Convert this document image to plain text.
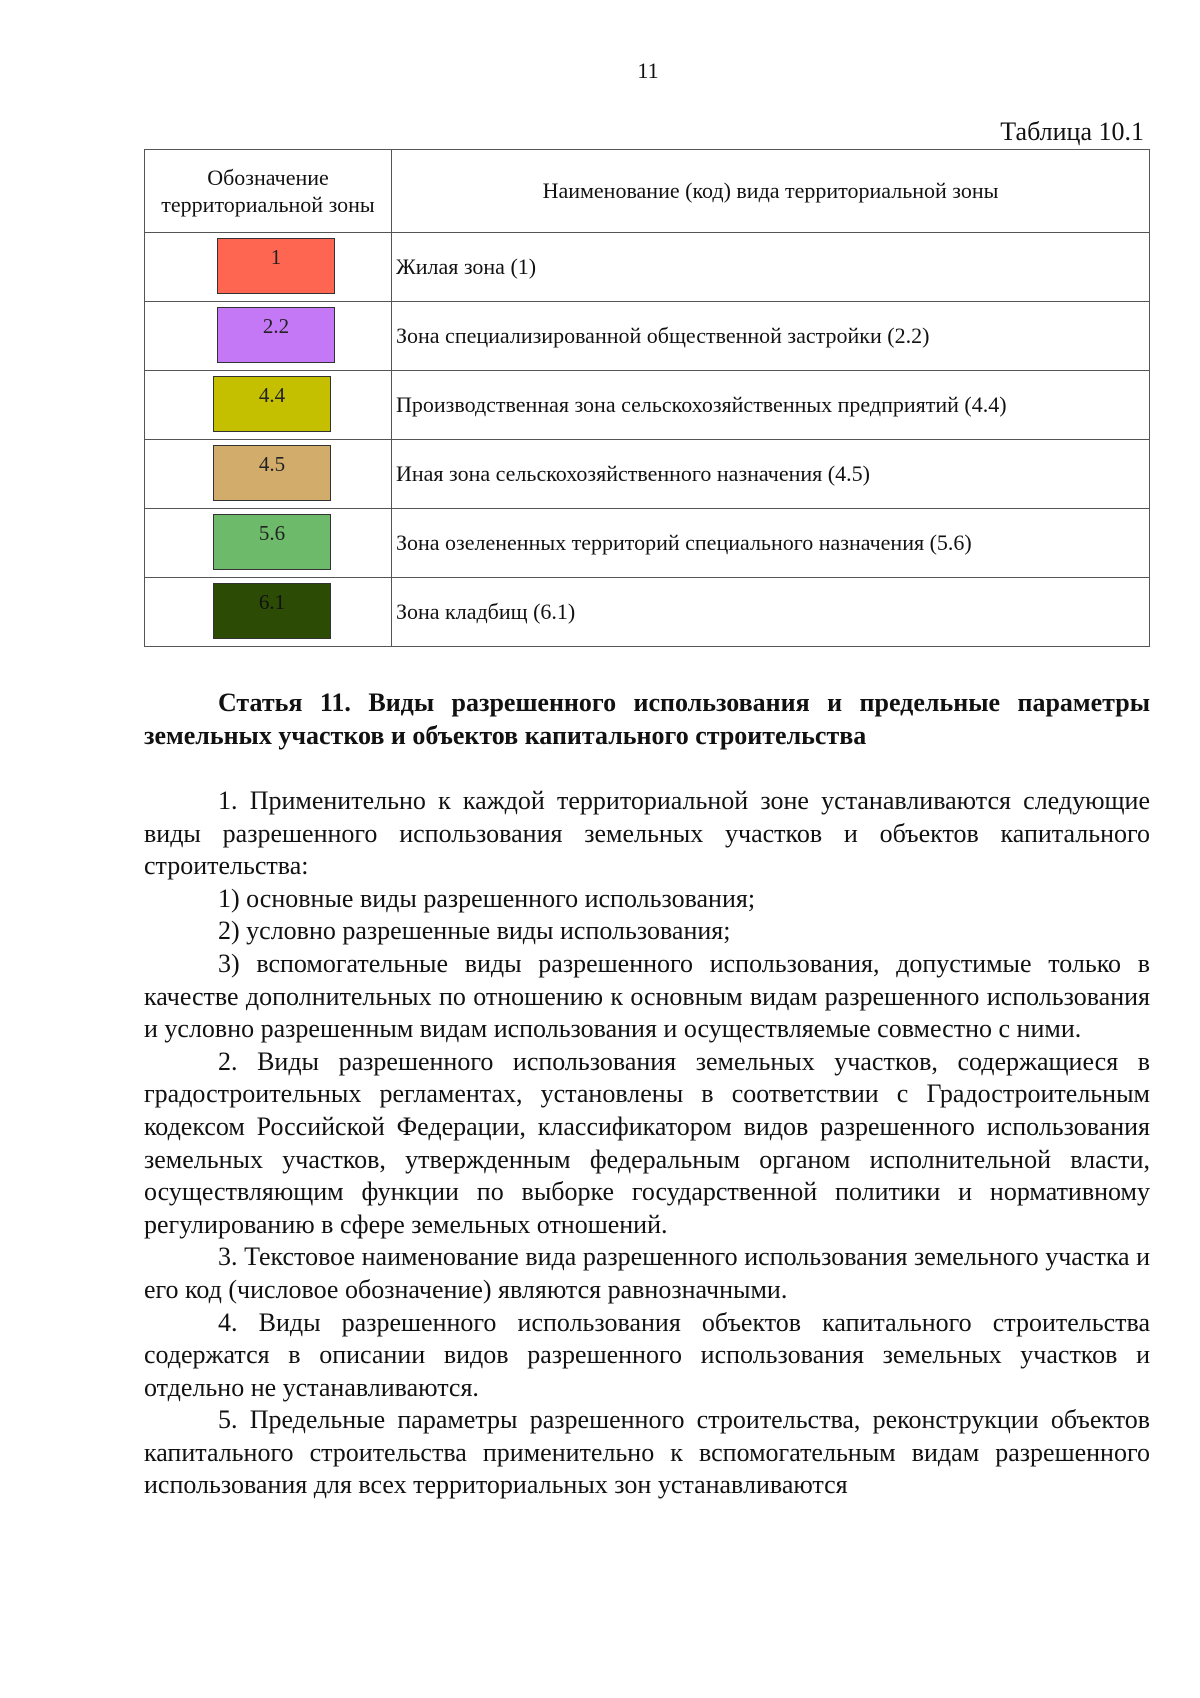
11
Таблица 10.1
Обозначение территориальной зоны	Наименование (код) вида территориальной зоны

1	Жилая зона (1)

2.2	Зона специализированной общественной застройки (2.2)

4.4	Производственная зона сельскохозяйственных предприятий (4.4)

4.5	Иная зона сельскохозяйственного назначения (4.5)

5.6	Зона озелененных территорий специального назначения (5.6)

6.1	Зона кладбищ (6.1)
Статья 11. Виды разрешенного использования и предельные параметры земельных участков и объектов капитального строительства

1. Применительно к каждой территориальной зоне устанавливаются следующие виды разрешенного использования земельных участков и объектов капитального строительства:

1) основные виды разрешенного использования;

2) условно разрешенные виды использования;

3) вспомогательные виды разрешенного использования, допустимые только в качестве дополнительных по отношению к основным видам разрешенного использования и условно разрешенным видам использования и осуществляемые совместно с ними.

2. Виды разрешенного использования земельных участков, содержащиеся в градостроительных регламентах, установлены в соответствии с Градостроительным кодексом Российской Федерации, классификатором видов разрешенного использования земельных участков, утвержденным федеральным органом исполнительной власти, осуществляющим функции по выборке государственной политики и нормативному регулированию в сфере земельных отношений.

3. Текстовое наименование вида разрешенного использования земельного участка и его код (числовое обозначение) являются равнозначными.

4. Виды разрешенного использования объектов капитального строительства содержатся в описании видов разрешенного использования земельных участков и отдельно не устанавливаются.

5. Предельные параметры разрешенного строительства, реконструкции объектов капитального строительства применительно к вспомогательным видам разрешенного использования для всех территориальных зон устанавливаются
